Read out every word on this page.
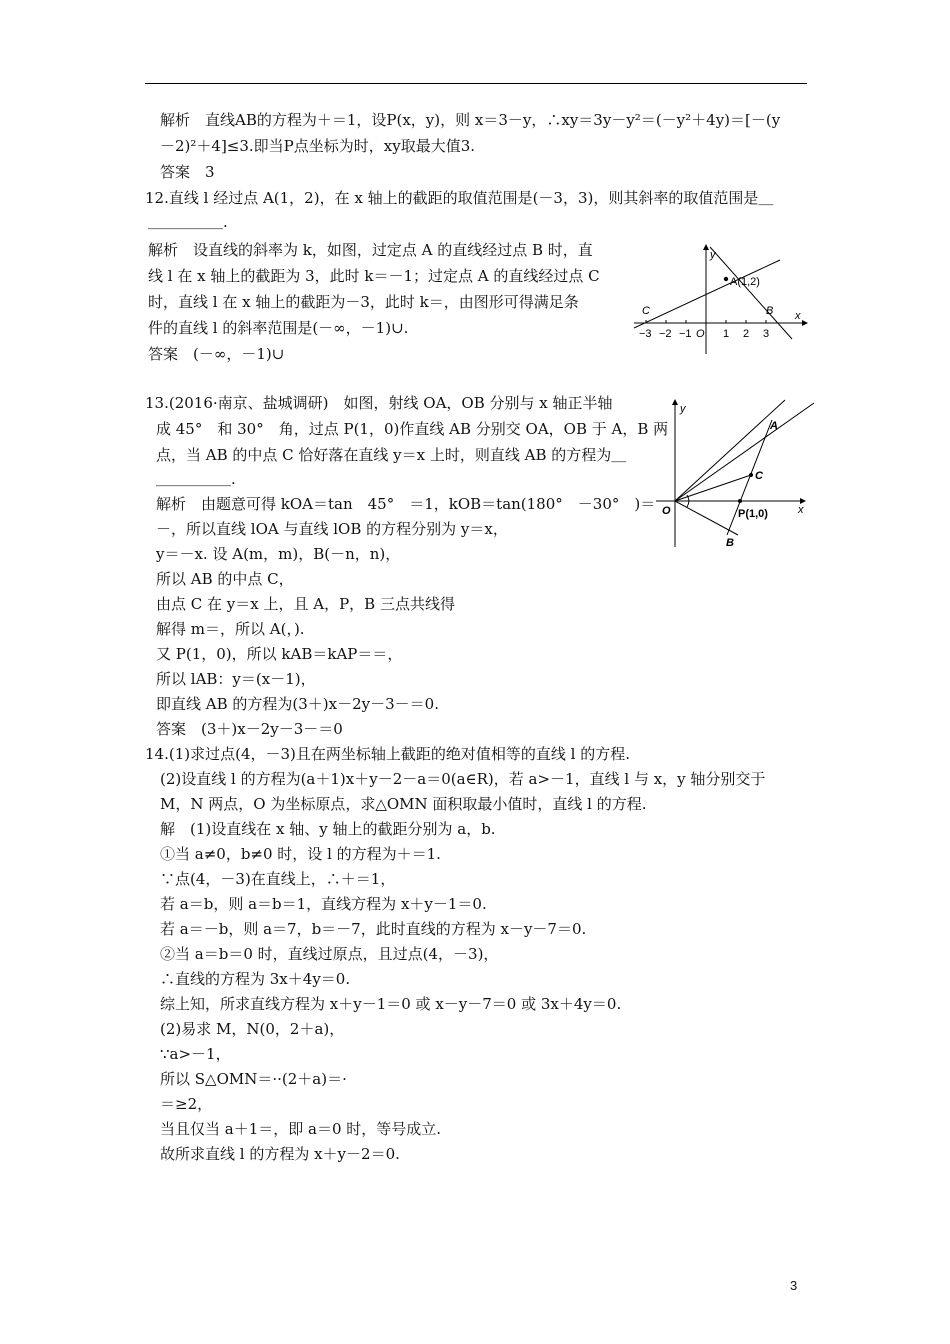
解析　直线AB的方程为＋＝1，设P(x，y)，则 x＝3－y，∴xy＝3y－y²＝(－y²＋4y)＝[－(y
－2)²＋4]≤3.即当P点坐标为时，xy取最大值3.
答案　3
12.直线 l 经过点 A(1，2)，在 x 轴上的截距的取值范围是(－3，3)，则其斜率的取值范围是＿
＿＿＿＿＿.
解析　设直线的斜率为 k，如图，过定点 A 的直线经过点 B 时，直
线 l 在 x 轴上的截距为 3，此时 k＝－1；过定点 A 的直线经过点 C
时，直线 l 在 x 轴上的截距为－3，此时 k＝，由图形可得满足条
件的直线 l 的斜率范围是(－∞，－1)∪.
答案　(－∞，－1)∪
13.(2016·南京、盐城调研)　如图，射线 OA，OB 分别与 x 轴正半轴
成 45°　和 30°　角，过点 P(1，0)作直线 AB 分别交 OA，OB 于 A，B 两
点，当 AB 的中点 C 恰好落在直线 y＝x 上时，则直线 AB 的方程为＿
＿＿＿＿＿.
解析　由题意可得 kOA＝tan　45°　＝1，kOB＝tan(180°　－30°　)＝
－，所以直线 lOA 与直线 lOB 的方程分别为 y＝x，
y＝－x. 设 A(m，m)，B(－n，n)，
所以 AB 的中点 C，
由点 C 在 y＝x 上，且 A，P，B 三点共线得
解得 m＝，所以 A(，).
又 P(1，0)，所以 kAB＝kAP＝＝，
所以 lAB：y＝(x－1)，
即直线 AB 的方程为(3＋)x－2y－3－＝0.
答案　(3＋)x－2y－3－＝0
14.(1)求过点(4，－3)且在两坐标轴上截距的绝对值相等的直线 l 的方程.
(2)设直线 l 的方程为(a＋1)x＋y－2－a＝0(a∈R)，若 a>－1，直线 l 与 x，y 轴分别交于
M，N 两点，O 为坐标原点，求△OMN 面积取最小值时，直线 l 的方程.
解　(1)设直线在 x 轴、y 轴上的截距分别为 a，b.
①当 a≠0，b≠0 时，设 l 的方程为＋＝1.
∵点(4，－3)在直线上，∴＋＝1，
若 a＝b，则 a＝b＝1，直线方程为 x＋y－1＝0.
若 a＝－b，则 a＝7，b＝－7，此时直线的方程为 x－y－7＝0.
②当 a＝b＝0 时，直线过原点，且过点(4，－3)，
∴直线的方程为 3x＋4y＝0.
综上知，所求直线方程为 x＋y－1＝0 或 x－y－7＝0 或 3x＋4y＝0.
(2)易求 M，N(0，2＋a)，
∵a>－1，
所以 S△OMN＝··(2＋a)＝·
＝≥2，
当且仅当 a＋1＝，即 a＝0 时，等号成立.
故所求直线 l 的方程为 x＋y－2＝0.
−3 −2 −1	1 2 3
O
y
x
A(1,2)
B
C
y
x
O
A
C
P(1,0)
B
3
